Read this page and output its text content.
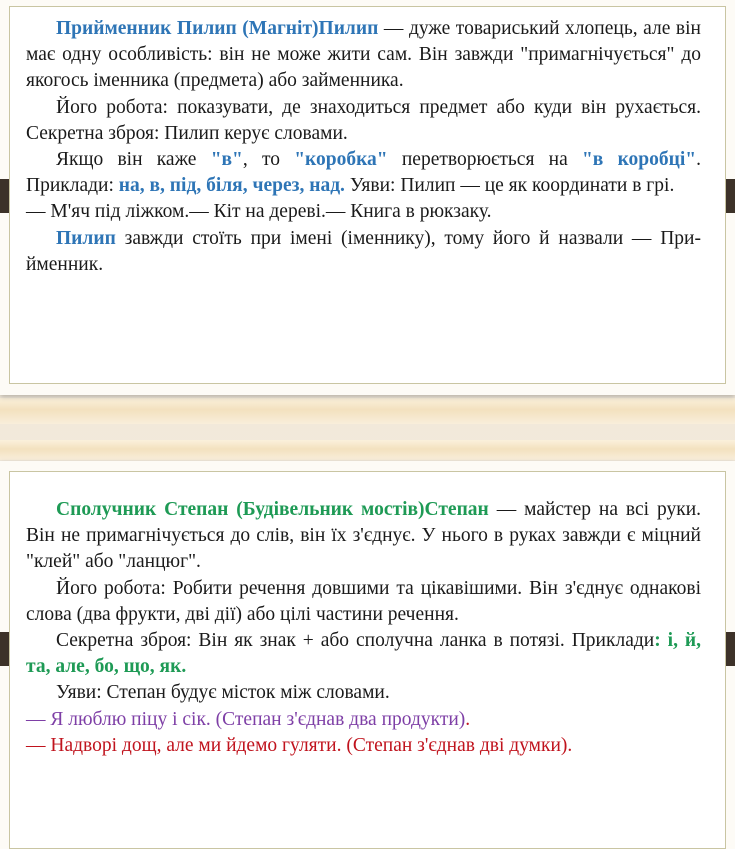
Прийменник Пилип (Магніт)Пилип — дуже товариський хлопець, але він має одну особливість: він не може жити сам. Він завжди "примагнічується" до якогось іменника (предмета) або займенника.

Його робота: показувати, де знаходиться предмет або куди він рухається. Секретна зброя: Пилип керує словами.

Якщо він каже "в", то "коробка" перетворюється на "в коробці". Приклади: на, в, під, біля, через, над. Уяви: Пилип — це як координати в грі.

— М'яч під ліжком.— Кіт на дереві.— Книга в рюкзаку.

Пилип завжди стоїть при імені (іменнику), тому його й назвали — При-йменник.

Сполучник Степан (Будівельник мостів)Степан — майстер на всі руки. Він не примагнічується до слів, він їх з'єднує. У нього в руках завжди є міцний "клей" або "ланцюг".

Його робота: Робити речення довшими та цікавішими. Він з'єднує однакові слова (два фрукти, дві дії) або цілі частини речення.

Секретна зброя: Він як знак + або сполучна ланка в потязі. Приклади: і, й, та, але, бо, що, як.

Уяви: Степан будує місток між словами.

— Я люблю піцу і сік. (Степан з'єднав два продукти).

— Надворі дощ, але ми йдемо гуляти. (Степан з'єднав дві думки).
